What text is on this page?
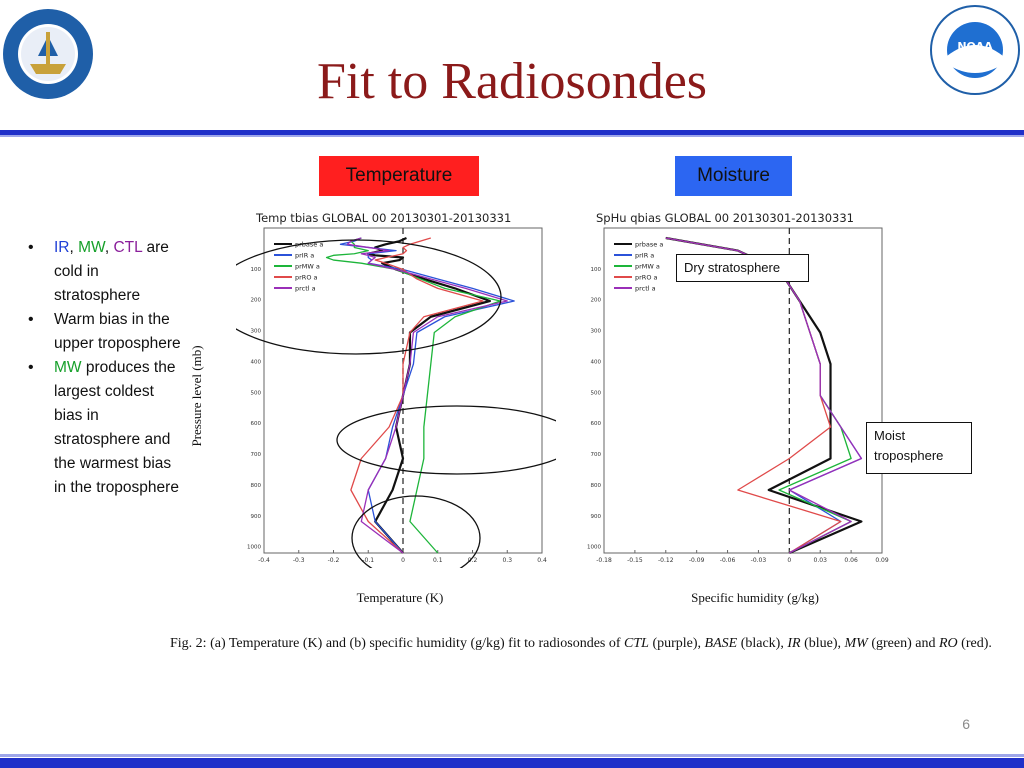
NOAA
Fit to Radiosondes
Temperature	Moisture
• IR, MW, CTL are cold in stratosphere
• Warm bias in the upper troposphere
• MW produces the largest coldest bias in stratosphere and the warmest bias in the troposphere
Pressure level (mb)
Temperature (K)	Specific humidity (g/kg)
Temp tbias GLOBAL 00 20130301-20130331
-0.4	-0.3	-0.2	-0.1	0	0.1	0.2	0.3	0.4
100
200
300
400
500
600
700
800
900
1000
prbase a
prIR a
prMW a
prRO a
prctl a
SpHu qbias GLOBAL 00 20130301-20130331
-0.18	-0.15	-0.12	-0.09	-0.06	-0.03	0	0.03	0.06	0.09
100
200
300
400
500
600
700
800
900
1000
prbase a
prIR a
prMW a
prRO a
prctl a
Dry stratosphere
Moist troposphere
Fig. 2: (a) Temperature (K) and (b) specific humidity (g/kg) fit to radiosondes of CTL (purple), BASE (black), IR (blue), MW (green) and RO (red).
6
